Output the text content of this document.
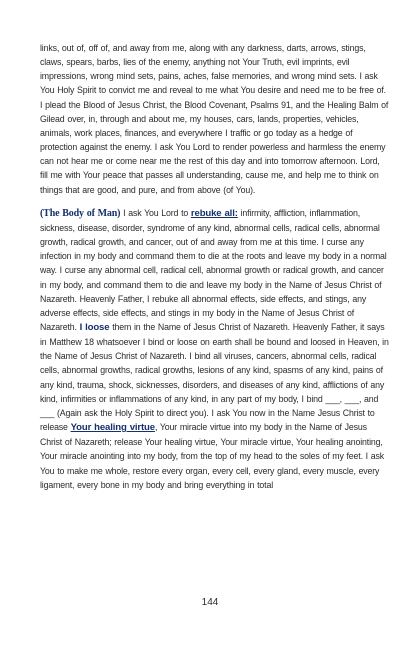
links, out of, off of, and away from me, along with any darkness, darts, arrows, stings, claws, spears, barbs, lies of the enemy, anything not Your Truth, evil imprints, evil impressions, wrong mind sets, pains, aches, false memories, and wrong mind sets. I ask You Holy Spirit to convict me and reveal to me what You desire and need me to be free of. I plead the Blood of Jesus Christ, the Blood Covenant, Psalms 91, and the Healing Balm of Gilead over, in, through and about me, my houses, cars, lands, properties, vehicles, animals, work places, finances, and everywhere I traffic or go today as a hedge of protection against the enemy. I ask You Lord to render powerless and harmless the enemy can not hear me or come near me the rest of this day and into tomorrow afternoon. Lord, fill me with Your peace that passes all understanding, cause me, and help me to think on things that are good, and pure, and from above (of You).

(The Body of Man) I ask You Lord to rebuke all: infirmity, affliction, inflammation, sickness, disease, disorder, syndrome of any kind, abnormal cells, radical cells, abnormal growth, radical growth, and cancer, out of and away from me at this time. I curse any infection in my body and command them to die at the roots and leave my body in a normal way. I curse any abnormal cell, radical cell, abnormal growth or radical growth, and cancer in my body, and command them to die and leave my body in the Name of Jesus Christ of Nazareth. Heavenly Father, I rebuke all abnormal effects, side effects, and stings, any adverse effects, side effects, and stings in my body in the Name of Jesus Christ of Nazareth. I loose them in the Name of Jesus Christ of Nazareth. Heavenly Father, it says in Matthew 18 whatsoever I bind or loose on earth shall be bound and loosed in Heaven, in the Name of Jesus Christ of Nazareth. I bind all viruses, cancers, abnormal cells, radical cells, abnormal growths, radical growths, lesions of any kind, spasms of any kind, pains of any kind, trauma, shock, sicknesses, disorders, and diseases of any kind, afflictions of any kind, infirmities or inflammations of any kind, in any part of my body, I bind ___, ___, and ___ (Again ask the Holy Spirit to direct you). I ask You now in the Name Jesus Christ to release Your healing virtue, Your miracle virtue into my body in the Name of Jesus Christ of Nazareth; release Your healing virtue, Your miracle virtue, Your healing anointing, Your miracle anointing into my body, from the top of my head to the soles of my feet. I ask You to make me whole, restore every organ, every cell, every gland, every muscle, every ligament, every bone in my body and bring everything in total

144
